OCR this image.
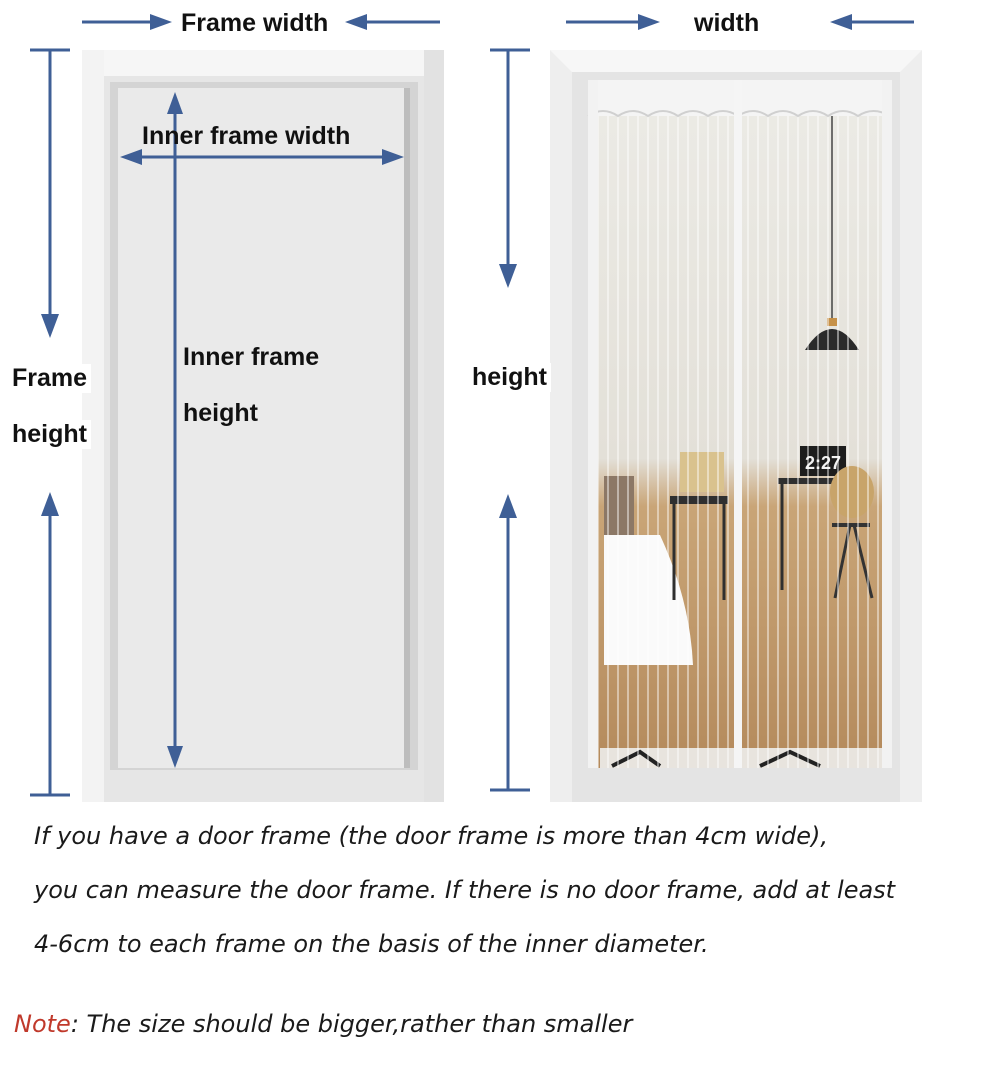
2:27
Frame width	width
Inner frame width
Frame
height
Inner frame
height
height
If you have a door frame (the door frame is more than 4cm wide),
you can measure the door frame. If there is no door frame, add at least
4-6cm to each frame on the basis of the inner diameter.
Note: The size should be bigger,rather than smaller
